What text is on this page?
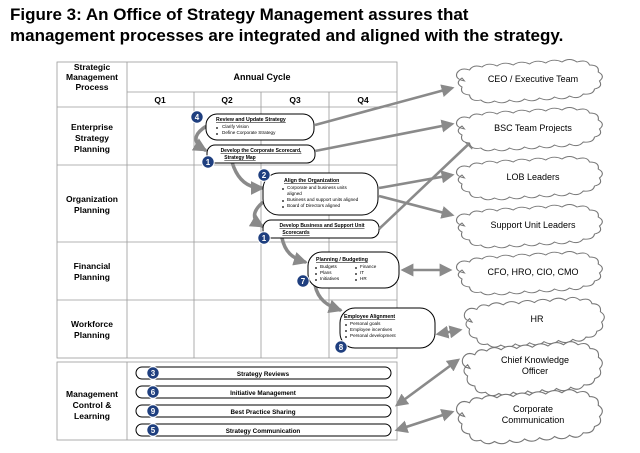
Figure 3: An Office of Strategy Management assures that
management processes are integrated and aligned with the strategy.
Strategic
Management
Process
Annual Cycle
Q1	Q2	Q3	Q4
Enterprise
Strategy
Planning
Organization
Planning
Financial
Planning
Workforce
Planning
Management
Control &
Learning
Review and Update Strategy
Clarify Vision
Define Corporate Strategy
4
Develop the Corporate Scorecard,
Strategy Map
1
Align the Organization
Corporate and business units
aligned
Business and support units aligned
Board of Directors aligned
2
Develop Business and Support Unit
Scorecards
1
Planning / Budgeting
Budgets
Plans
Initiatives
Finance
IT
HR
7
Employee Alignment
Personal goals
Employee incentives
Personal development
8
Strategy Reviews
3
Initiative Management
6
Best Practice Sharing
9
Strategy Communication
5
CEO / Executive Team
BSC Team Projects
LOB Leaders
Support Unit Leaders
CFO, HRO, CIO, CMO
HR
Chief Knowledge
Officer
Corporate
Communication
